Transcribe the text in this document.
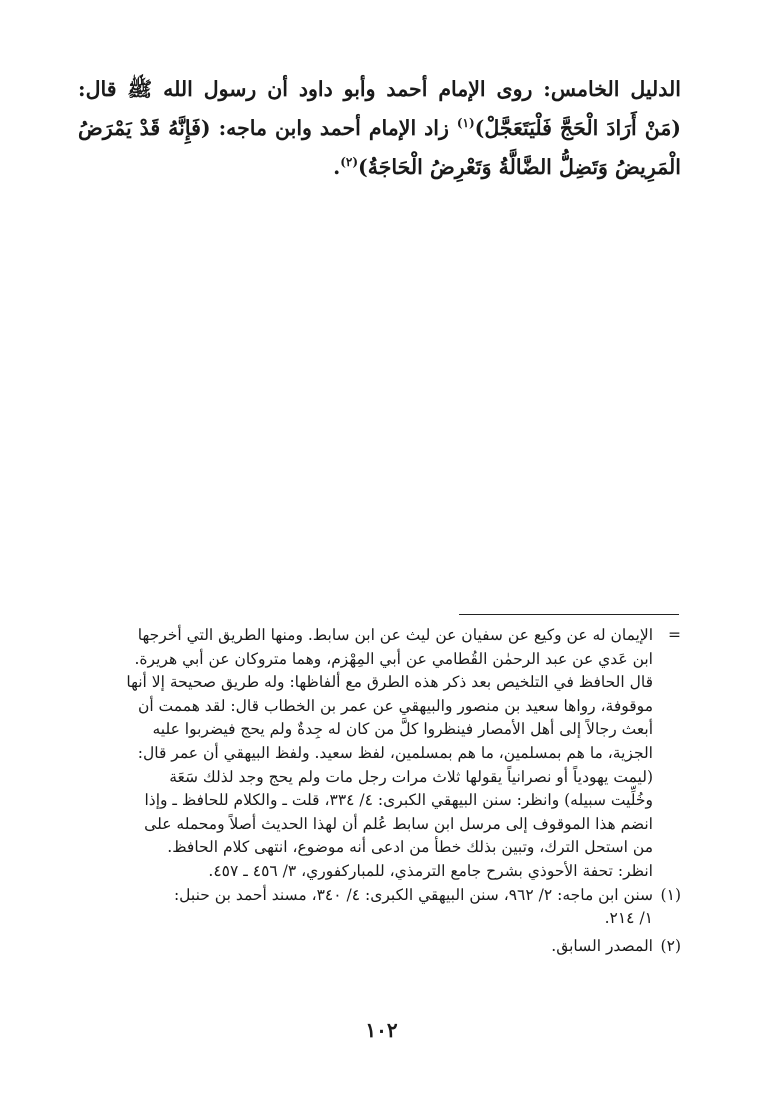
الدليل الخامس: روى الإمام أحمد وأبو داود أن رسول الله ﷺ قال: (مَنْ أَرَادَ الْحَجَّ فَلْيَتَعَجَّلْ)$^{(١)}$ زاد الإمام أحمد وابن ماجه: (فَإِنَّهُ قَدْ يَمْرَضُ الْمَرِيضُ وَتَضِلُّ الضَّالَّةُ وَتَعْرِضُ الْحَاجَةُ)$^{(٢)}$.

=
الإيمان له عن وكيع عن سفيان عن ليث عن ابن سابط. ومنها الطريق التي أخرجها
ابن عَدي عن عبد الرحمٰن القُطامي عن أبي المِهْزم، وهما متروكان عن أبي هريرة.
قال الحافظ في التلخيص بعد ذكر هذه الطرق مع ألفاظها: وله طريق صحيحة إلا أنها
موقوفة، رواها سعيد بن منصور والبيهقي عن عمر بن الخطاب قال: لقد هممت أن
أبعث رجالاً إلى أهل الأمصار فينظروا كلَّ من كان له جِدةٌ ولم يحج فيضربوا عليه
الجزية، ما هم بمسلمين، ما هم بمسلمين، لفظ سعيد. ولفظ البيهقي أن عمر قال:
(ليمت يهودياً أو نصرانياً يقولها ثلاث مرات رجل مات ولم يحج وجد لذلك سَعَة
وخُلِّيت سبيله) وانظر: سنن البيهقي الكبرى: ٤/ ٣٣٤، قلت ـ والكلام للحافظ ـ وإذا
انضم هذا الموقوف إلى مرسل ابن سابط عُلم أن لهذا الحديث أصلاً ومحمله على
من استحل الترك، وتبين بذلك خطأ من ادعى أنه موضوع، انتهى كلام الحافظ.
انظر: تحفة الأحوذي بشرح جامع الترمذي، للمباركفوري، ٣/ ٤٥٦ ـ ٤٥٧.
(١)
سنن ابن ماجه: ٢/ ٩٦٢، سنن البيهقي الكبرى: ٤/ ٣٤٠، مسند أحمد بن حنبل:
١/ ٢١٤.
(٢)
المصدر السابق.
١٠٢
